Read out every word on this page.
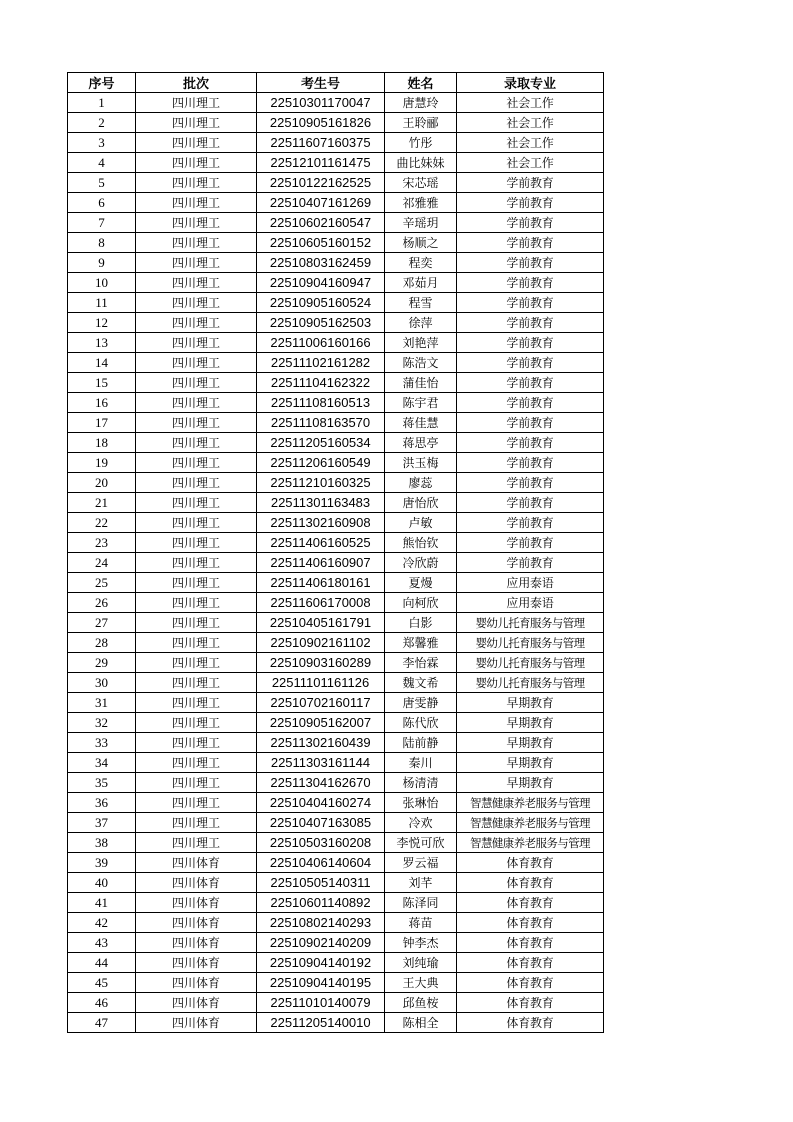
序号	批次	考生号	姓名	录取专业
1	四川理工	22510301170047	唐慧玲	社会工作
2	四川理工	22510905161826	王聆郦	社会工作
3	四川理工	22511607160375	竹彤	社会工作
4	四川理工	22512101161475	曲比妹妹	社会工作
5	四川理工	22510122162525	宋芯瑶	学前教育
6	四川理工	22510407161269	祁雅雅	学前教育
7	四川理工	22510602160547	辛瑶玥	学前教育
8	四川理工	22510605160152	杨顺之	学前教育
9	四川理工	22510803162459	程奕	学前教育
10	四川理工	22510904160947	邓茹月	学前教育
11	四川理工	22510905160524	程雪	学前教育
12	四川理工	22510905162503	徐萍	学前教育
13	四川理工	22511006160166	刘艳萍	学前教育
14	四川理工	22511102161282	陈浩文	学前教育
15	四川理工	22511104162322	蒲佳怡	学前教育
16	四川理工	22511108160513	陈宇君	学前教育
17	四川理工	22511108163570	蒋佳慧	学前教育
18	四川理工	22511205160534	蒋思亭	学前教育
19	四川理工	22511206160549	洪玉梅	学前教育
20	四川理工	22511210160325	廖蕊	学前教育
21	四川理工	22511301163483	唐怡欣	学前教育
22	四川理工	22511302160908	卢敏	学前教育
23	四川理工	22511406160525	熊怡钦	学前教育
24	四川理工	22511406160907	冷欣蔚	学前教育
25	四川理工	22511406180161	夏熳	应用泰语
26	四川理工	22511606170008	向柯欣	应用泰语
27	四川理工	22510405161791	白影	婴幼儿托育服务与管理
28	四川理工	22510902161102	郑馨雅	婴幼儿托育服务与管理
29	四川理工	22510903160289	李怡霖	婴幼儿托育服务与管理
30	四川理工	22511101161126	魏文希	婴幼儿托育服务与管理
31	四川理工	22510702160117	唐雯静	早期教育
32	四川理工	22510905162007	陈代欣	早期教育
33	四川理工	22511302160439	陆前静	早期教育
34	四川理工	22511303161144	秦川	早期教育
35	四川理工	22511304162670	杨清清	早期教育
36	四川理工	22510404160274	张琳怡	智慧健康养老服务与管理
37	四川理工	22510407163085	冷欢	智慧健康养老服务与管理
38	四川理工	22510503160208	李悦可欣	智慧健康养老服务与管理
39	四川体育	22510406140604	罗云福	体育教育
40	四川体育	22510505140311	刘芊	体育教育
41	四川体育	22510601140892	陈泽同	体育教育
42	四川体育	22510802140293	蒋苗	体育教育
43	四川体育	22510902140209	钟李杰	体育教育
44	四川体育	22510904140192	刘纯瑜	体育教育
45	四川体育	22510904140195	王大典	体育教育
46	四川体育	22511010140079	邱鱼桉	体育教育
47	四川体育	22511205140010	陈相全	体育教育
